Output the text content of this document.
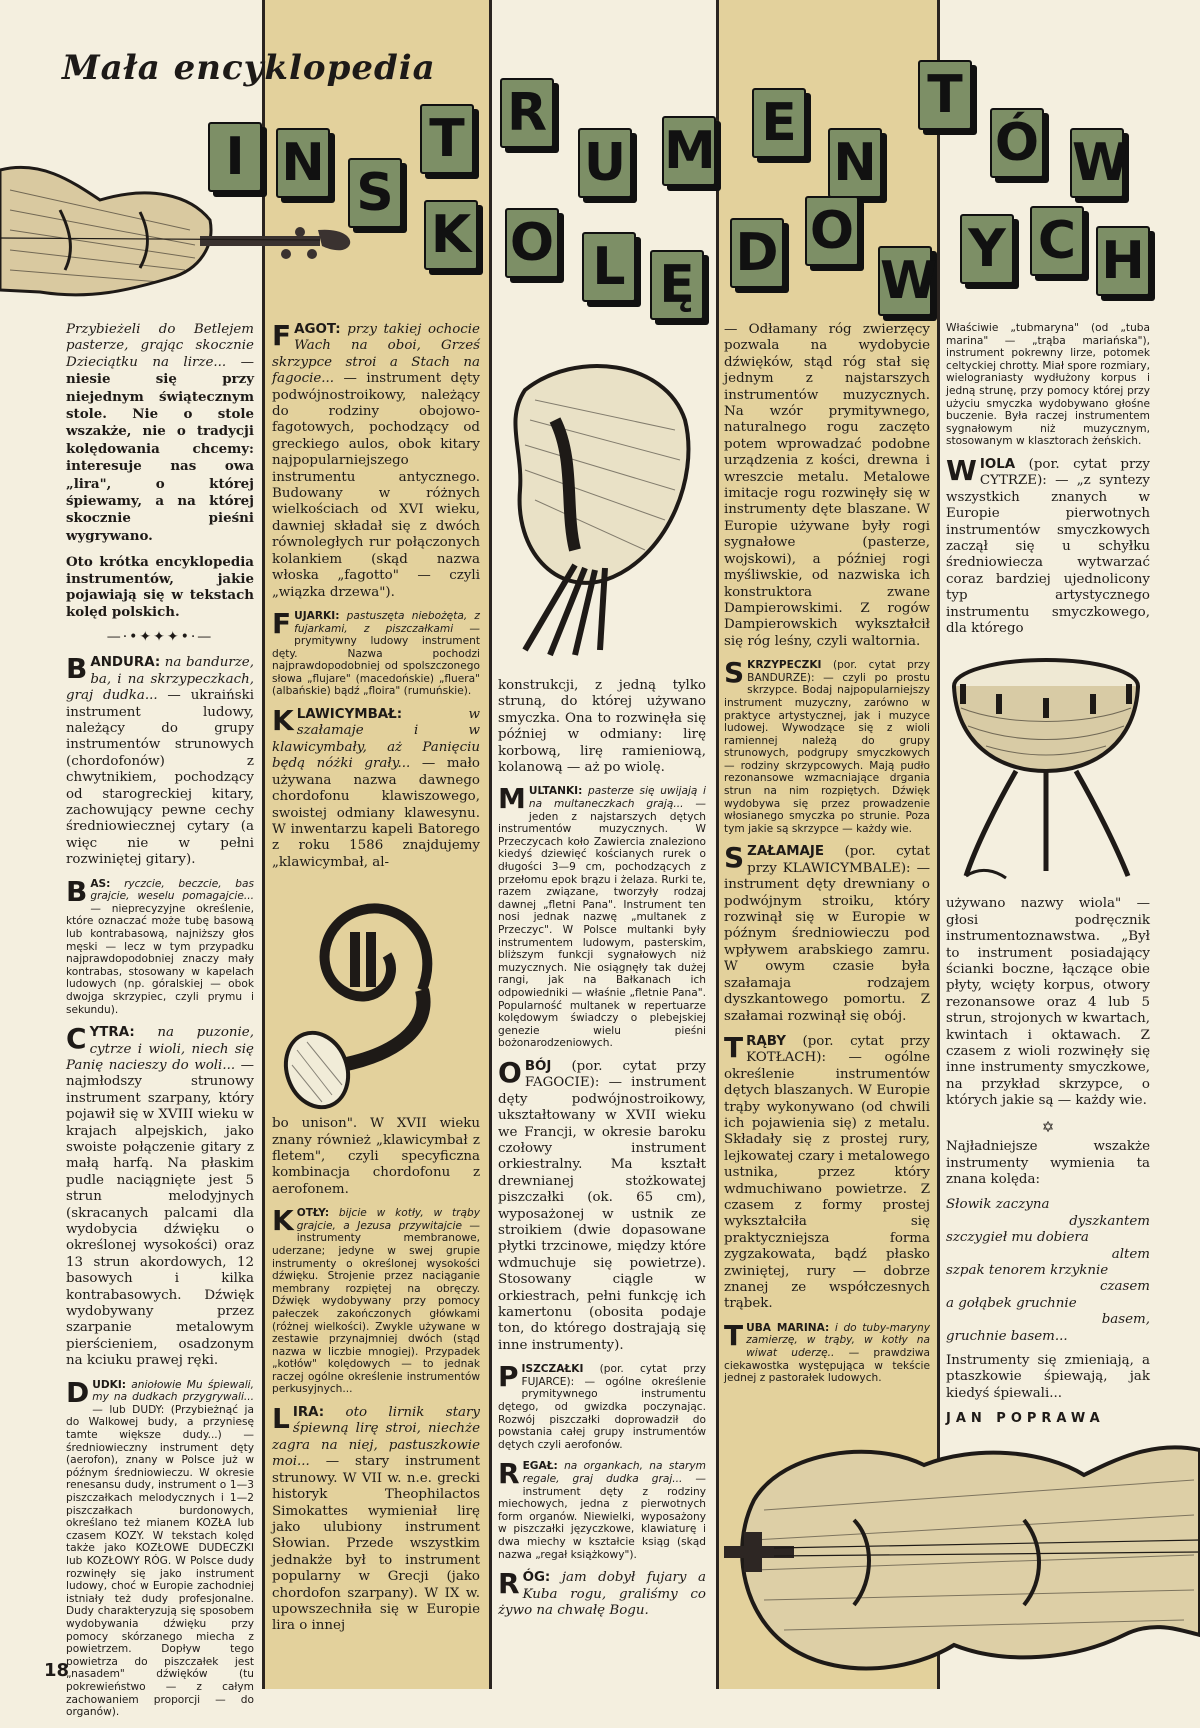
Mała encyklopedia
I N S
T R
U M E
N
T
Ó W
K O L Ę
D O
W
Y C H

Przybieżeli do Betlejem pasterze, grając skocznie Dzieciątku na lirze... — niesie się przy niejednym świątecznym stole. Nie o stole wszakże, nie o tradycji kolędowania chcemy: interesuje nas owa „lira", o której śpiewamy, a na której skocznie pieśni wygrywano.

Oto krótka encyklopedia instrumentów, jakie pojawiają się w tekstach kolęd polskich.

—·•✦✦✦•·—

BANDURA: na bandurze, ba, i na skrzypeczkach, graj dudka... — ukraiński instrument ludowy, należący do grupy instrumentów strunowych (chordofonów) z chwytnikiem, pochodzący od starogreckiej kitary, zachowujący pewne cechy średniowiecznej cytary (a więc nie w pełni rozwiniętej gitary).

BAS: ryczcie, beczcie, bas grajcie, weselu pomagajcie... — nieprecyzyjne określenie, które oznaczać może tubę basową lub kontrabasową, najniższy głos męski — lecz w tym przypadku najprawdopodobniej znaczy mały kontrabas, stosowany w kapelach ludowych (np. góralskiej — obok dwojga skrzypiec, czyli prymu i sekundu).

CYTRA: na puzonie, cytrze i wioli, niech się Panię nacieszy do woli... — najmłodszy strunowy instrument szarpany, który pojawił się w XVIII wieku w krajach alpejskich, jako swoiste połączenie gitary z małą harfą. Na płaskim pudle naciągnięte jest 5 strun melodyjnych (skracanych palcami dla wydobycia dźwięku o określonej wysokości) oraz 13 strun akordowych, 12 basowych i kilka kontrabasowych. Dźwięk wydobywany przez szarpanie metalowym pierścieniem, osadzonym na kciuku prawej ręki.

DUDKI: aniołowie Mu śpiewali, my na dudkach przygrywali... — lub DUDY: (Przybieżnąć ja do Walkowej budy, a przyniesę tamte większe dudy...) — średniowieczny instrument dęty (aerofon), znany w Polsce już w późnym średniowieczu. W okresie renesansu dudy, instrument o 1—3 piszczałkach melodycznych i 1—2 piszczałkach burdonowych, określano też mianem KOZŁA lub czasem KOZY. W tekstach kolęd także jako KOZŁOWE DUDECZKI lub KOZŁOWY RÓG. W Polsce dudy rozwinęły się jako instrument ludowy, choć w Europie zachodniej istniały też dudy profesjonalne. Dudy charakteryzują się sposobem wydobywania dźwięku przy pomocy skórzanego miecha z powietrzem. Dopływ tego powietrza do piszczałek jest „nasadem" dźwięków (tu pokrewieństwo — z całym zachowaniem proporcji — do organów).

FAGOT: przy takiej ochocie Wach na oboi, Grześ skrzypce stroi a Stach na fagocie... — instrument dęty podwójnostroikowy, należący do rodziny obojowo-fagotowych, pochodzący od greckiego aulos, obok kitary najpopularniejszego instrumentu antycznego. Budowany w różnych wielkościach od XVI wieku, dawniej składał się z dwóch równoległych rur połączonych kolankiem (skąd nazwa włoska „fagotto" — czyli „wiązka drzewa").

FUJARKI: pastuszęta niebożęta, z fujarkami, z piszczałkami — prymitywny ludowy instrument dęty. Nazwa pochodzi najprawdopodobniej od spolszczonego słowa „flujare" (macedońskie) „fluera" (albańskie) bądź „floira" (rumuńskie).

KLAWICYMBAŁ:	w szałamaje i w klawicymbały, aż Panięciu będą nóżki grały... — mało używana nazwa dawnego chordofonu klawiszowego, swoistej odmiany klawesynu. W inwentarzu kapeli Batorego z roku 1586 znajdujemy „klawicymbał, al-

bo unison". W XVII wieku znany również „klawicymbał z fletem", czyli specyficzna kombinacja chordofonu z aerofonem.

KOTŁY: bijcie w kotły, w trąby grajcie, a Jezusa przywitajcie — instrumenty membranowe, uderzane; jedyne w swej grupie instrumenty o określonej wysokości dźwięku. Strojenie przez naciąganie membrany rozpiętej na obręczy. Dźwięk wydobywany przy pomocy pałeczek zakończonych główkami (różnej wielkości). Zwykle używane w zestawie przynajmniej dwóch (stąd nazwa w liczbie mnogiej). Przypadek „kotłów" kolędowych — to jednak raczej ogólne określenie instrumentów perkusyjnych...

LIRA: oto lirnik stary śpiewną lirę stroi, niechże zagra na niej, pastuszkowie moi... — stary instrument strunowy. W VII w. n.e. grecki historyk Theophilactos Simokattes wymieniał lirę jako ulubiony instrument Słowian. Przede wszystkim jednakże był to instrument popularny w Grecji (jako chordofon szarpany). W IX w. upowszechniła się w Europie lira o innej

konstrukcji, z jedną tylko struną, do której używano smyczka. Ona to rozwinęła się później w odmiany: lirę korbową, lirę ramieniową, kolanową — aż po wiolę.

MULTANKI: pasterze się uwijają i na multaneczkach grają... — jeden z najstarszych dętych instrumentów muzycznych. W Przeczycach koło Zawiercia znaleziono kiedyś dziewięć kościanych rurek o długości 3—9 cm, pochodzących z przełomu epok brązu i żelaza. Rurki te, razem związane, tworzyły rodzaj dawnej „fletni Pana". Instrument ten nosi jednak nazwę „multanek z Przeczyc". W Polsce multanki były instrumentem ludowym, pasterskim, bliższym funkcji sygnałowych niż muzycznych. Nie osiągnęły tak dużej rangi, jak na Bałkanach ich odpowiedniki — właśnie „fletnie Pana". Popularność multanek w repertuarze kolędowym świadczy o plebejskiej genezie wielu pieśni bożonarodzeniowych.

OBÓJ (por. cytat przy FAGOCIE): — instrument dęty podwójnostroikowy, ukształtowany w XVII wieku we Francji, w okresie baroku czołowy instrument orkiestralny. Ma kształt drewnianej stożkowatej piszczałki (ok. 65 cm), wyposażonej w ustnik ze stroikiem (dwie dopasowane płytki trzcinowe, między które wdmuchuje się powietrze). Stosowany ciągle w orkiestrach, pełni funkcję ich kamertonu (obosita podaje ton, do którego dostrajają się inne instrumenty).

PISZCZAŁKI (por. cytat przy FUJARCE): — ogólne określenie prymitywnego instrumentu dętego, od gwizdka poczynając. Rozwój piszczałki doprowadził do powstania całej grupy instrumentów dętych czyli aerofonów.

REGAŁ: na organkach, na starym regale, graj dudka graj... — instrument dęty z rodziny miechowych, jedna z pierwotnych form organów. Niewielki, wyposażony w piszczałki języczkowe, klawiaturę i dwa miechy w kształcie ksiąg (skąd nazwa „regał książkowy").

RÓG: jam dobył fujary a Kuba rogu, graliśmy co żywo na chwałę Bogu.

— Odłamany róg zwierzęcy pozwala na wydobycie dźwięków, stąd róg stał się jednym z najstarszych instrumentów muzycznych. Na wzór prymitywnego, naturalnego rogu zaczęto potem wprowadzać podobne urządzenia z kości, drewna i wreszcie metalu. Metalowe imitacje rogu rozwinęły się w instrumenty dęte blaszane. W Europie używane były rogi sygnałowe (pasterze, wojskowi), a później rogi myśliwskie, od nazwiska ich konstruktora zwane Dampierowskimi. Z rogów Dampierowskich wykształcił się róg leśny, czyli waltornia.

SKRZYPECZKI (por. cytat przy BANDURZE): — czyli po prostu skrzypce. Bodaj najpopularniejszy instrument muzyczny, zarówno w praktyce artystycznej, jak i muzyce ludowej. Wywodzące się z wioli ramiennej należą do grupy strunowych, podgrupy smyczkowych — rodziny skrzypcowych. Mają pudło rezonansowe wzmacniające drgania strun na nim rozpiętych. Dźwięk wydobywa się przez prowadzenie włosianego smyczka po strunie. Poza tym jakie są skrzypce — każdy wie.

SZAŁAMAJE (por. cytat przy KLAWICYMBALE): — instrument dęty drewniany o podwójnym stroiku, który rozwinął się w Europie w późnym średniowieczu pod wpływem arabskiego zamru. W owym czasie była szałamaja rodzajem dyszkantowego pomortu. Z szałamai rozwinął się obój.

TRĄBY (por. cytat przy KOTŁACH): — ogólne określenie instrumentów dętych blaszanych. W Europie trąby wykonywano (od chwili ich pojawienia się) z metalu. Składały się z prostej rury, lejkowatej czary i metalowego ustnika, przez który wdmuchiwano powietrze. Z czasem z formy prostej wykształciła się praktyczniejsza forma zygzakowata, bądź płasko zwiniętej, rury — dobrze znanej ze współczesnych trąbek.

TUBA MARINA: i do tuby-maryny zamierzę, w trąby, w kotły na wiwat uderzę.. — prawdziwa ciekawostka występująca w tekście jednej z pastorałek ludowych.

Właściwie „tubmaryna" (od „tuba marina" — „trąba mariańska"), instrument pokrewny lirze, potomek celtyckiej chrotty. Miał spore rozmiary, wielograniasty wydłużony korpus i jedną strunę, przy pomocy której przy użyciu smyczka wydobywano głośne buczenie. Była raczej instrumentem sygnałowym niż muzycznym, stosowanym w klasztorach żeńskich.

WIOLA (por. cytat przy CYTRZE): — „z syntezy wszystkich znanych w Europie pierwotnych instrumentów smyczkowych zaczął się u schyłku średniowiecza wytwarzać coraz bardziej ujednolicony typ artystycznego instrumentu smyczkowego, dla którego

używano nazwy wiola" — głosi podręcznik instrumentoznawstwa. „Był to instrument posiadający ścianki boczne, łączące obie płyty, wcięty korpus, otwory rezonansowe oraz 4 lub 5 strun, strojonych w kwartach, kwintach i oktawach. Z czasem z wioli rozwinęły się inne instrumenty smyczkowe, na przykład skrzypce, o których jakie są — każdy wie.

✡

Najładniejsze wszakże instrumenty wymienia ta znana kolęda:

Słowik zaczyna
dyszkantem
szczygieł mu dobiera
altem
szpak tenorem krzyknie
czasem
a gołąbek gruchnie
basem,
gruchnie basem...

Instrumenty się zmieniają, a ptaszkowie śpiewają, jak kiedyś śpiewali...

JAN POPRAWA
18
